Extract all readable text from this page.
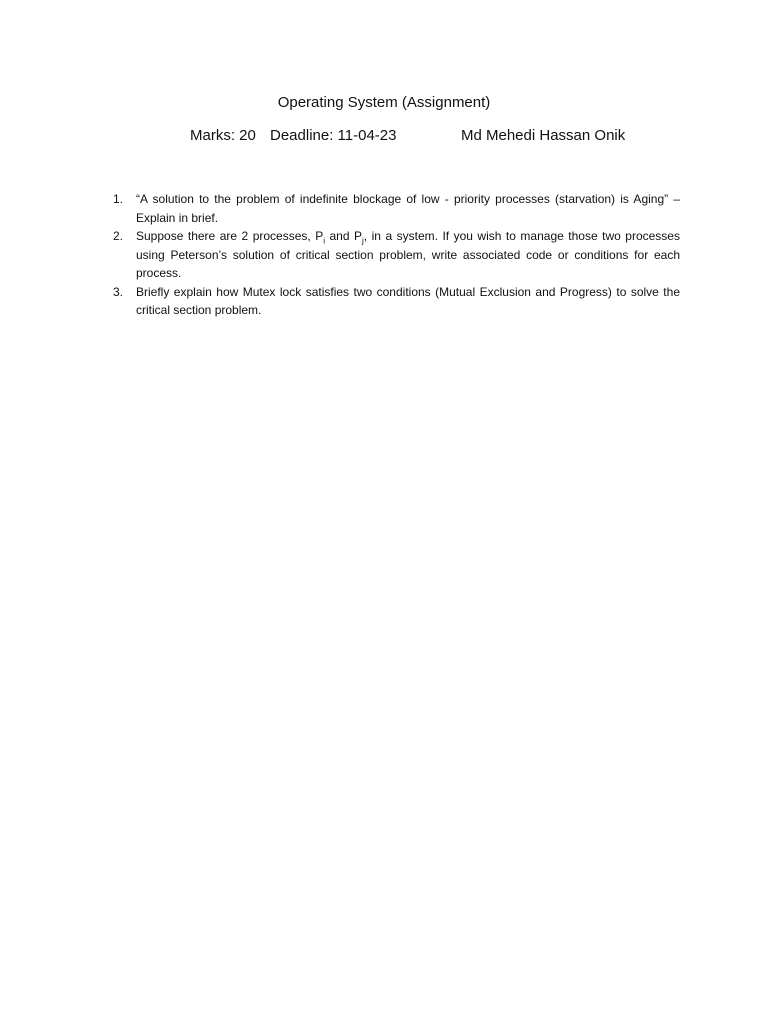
Operating System (Assignment)
Marks: 20 Deadline: 11-04-23	Md Mehedi Hassan Onik
1. “A solution to the problem of indefinite blockage of low - priority processes (starvation) is Aging” – Explain in brief.
2. Suppose there are 2 processes, $P_i$ and $P_j$, in a system. If you wish to manage those two processes using Peterson’s solution of critical section problem, write associated code or conditions for each process.
3. Briefly explain how Mutex lock satisfies two conditions (Mutual Exclusion and Progress) to solve the critical section problem.
